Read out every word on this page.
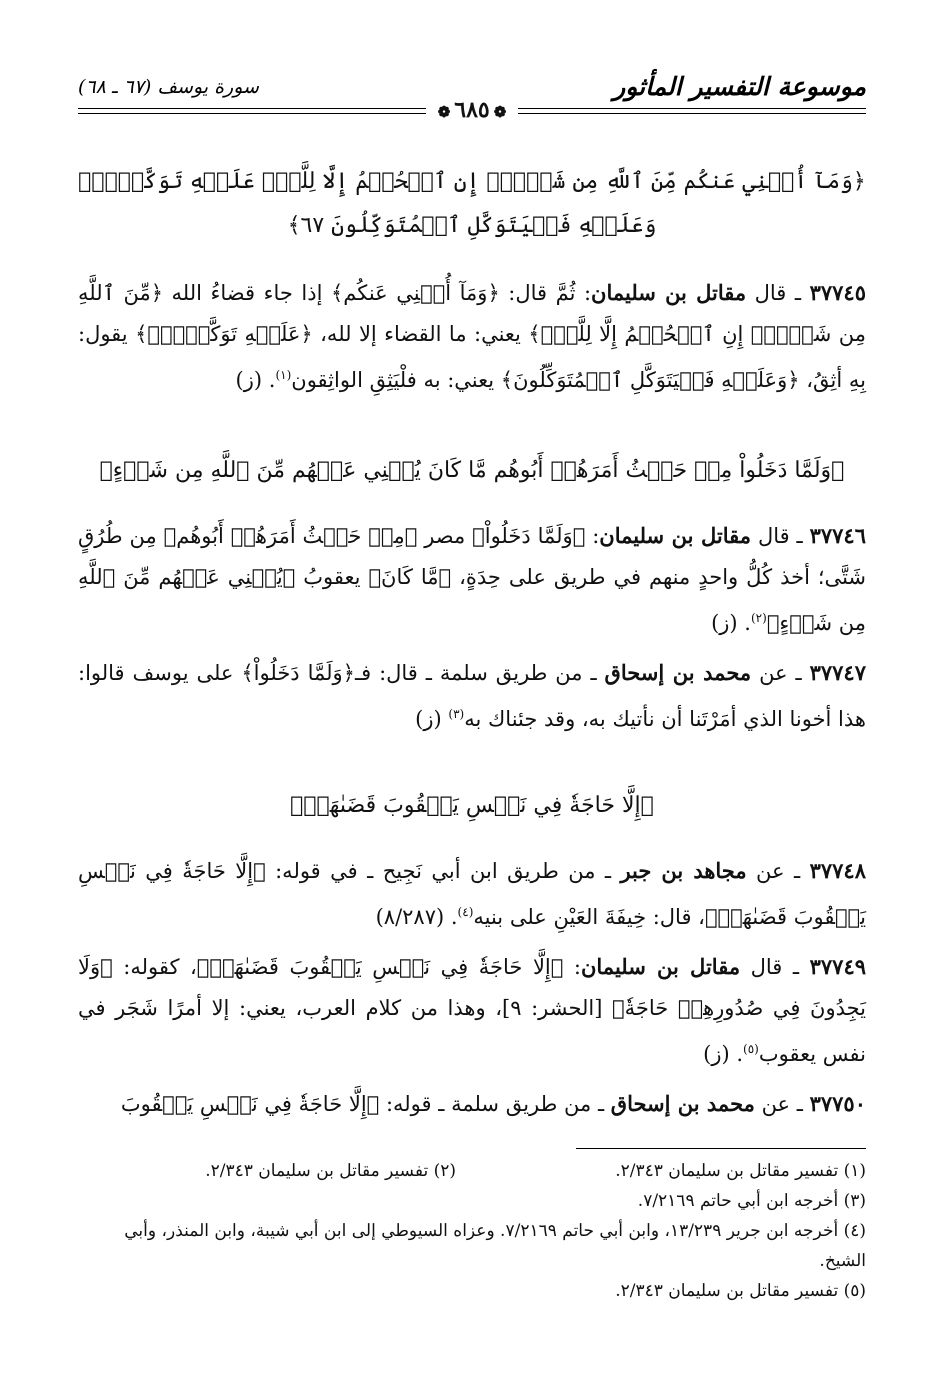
موسوعة التفسير المأثور
سورة يوسف (٦٧ ـ ٦٨)
❁ ٦٨٥ ❁

﴿وَمَآ أُغۡنِي عَنكُم مِّنَ ٱللَّهِ مِن شَيۡءٍۖ إِنِ ٱلۡحُكۡمُ إِلَّا لِلَّهِۖ عَلَيۡهِ تَوَكَّلۡتُۖ وَعَلَيۡهِ فَلۡيَتَوَكَّلِ ٱلۡمُتَوَكِّلُونَ ٦٧﴾

٣٧٧٤٥ ـ قال مقاتل بن سليمان: ثُمَّ قال: ﴿وَمَآ أُغۡنِي عَنكُم﴾ إذا جاء قضاءُ الله ﴿مِّنَ ٱللَّهِ مِن شَيۡءٍۖ إِنِ ٱلۡحُكۡمُ إِلَّا لِلَّهِۖ﴾ يعني: ما القضاء إلا لله، ﴿عَلَيۡهِ تَوَكَّلۡتُۖ﴾ يقول: بِهِ أثِقُ، ﴿وَعَلَيۡهِ فَلۡيَتَوَكَّلِ ٱلۡمُتَوَكِّلُونَ﴾ يعني: به فلْيَثِقِ الواثِقون$^{(١)}$. (ز)

﴿وَلَمَّا دَخَلُواْ مِنۡ حَيۡثُ أَمَرَهُمۡ أَبُوهُم مَّا كَانَ يُغۡنِي عَنۡهُم مِّنَ ٱللَّهِ مِن شَيۡءٍ﴾

٣٧٧٤٦ ـ قال مقاتل بن سليمان: ﴿وَلَمَّا دَخَلُواْ﴾ مصر ﴿مِنۡ حَيۡثُ أَمَرَهُمۡ أَبُوهُم﴾ مِن طُرُقٍ شَتَّى؛ أخذ كُلُّ واحدٍ منهم في طريق على حِدَةٍ، ﴿مَّا كَانَ﴾ يعقوبُ ﴿يُغۡنِي عَنۡهُم مِّنَ ٱللَّهِ مِن شَيۡءٍ﴾$^{(٢)}$. (ز)

٣٧٧٤٧ ـ عن محمد بن إسحاق ـ من طريق سلمة ـ قال: فـ﴿وَلَمَّا دَخَلُواْ﴾ على يوسف قالوا: هذا أخونا الذي أمَرْتَنا أن نأتيك به، وقد جئناك به$^{(٣)}$ (ز)

﴿إِلَّا حَاجَةٗ فِي نَفۡسِ يَعۡقُوبَ قَضَىٰهَاۚ﴾

٣٧٧٤٨ ـ عن مجاهد بن جبر ـ من طريق ابن أبي نَجِيح ـ في قوله: ﴿إِلَّا حَاجَةٗ فِي نَفۡسِ يَعۡقُوبَ قَضَىٰهَاۚ﴾، قال: خِيفَةَ العَيْنِ على بنيه$^{(٤)}$. (٨/٢٨٧)

٣٧٧٤٩ ـ قال مقاتل بن سليمان: ﴿إِلَّا حَاجَةٗ فِي نَفۡسِ يَعۡقُوبَ قَضَىٰهَاۚ﴾، كقوله: ﴿وَلَا يَجِدُونَ فِي صُدُورِهِمۡ حَاجَةٗ﴾ [الحشر: ٩]، وهذا من كلام العرب، يعني: إلا أمرًا شَجَر في نفس يعقوب$^{(٥)}$. (ز)

٣٧٧٥٠ ـ عن محمد بن إسحاق ـ من طريق سلمة ـ قوله: ﴿إِلَّا حَاجَةٗ فِي نَفۡسِ يَعۡقُوبَ

(١) تفسير مقاتل بن سليمان ٢/٣٤٣.
(٢) تفسير مقاتل بن سليمان ٢/٣٤٣.

(٣) أخرجه ابن أبي حاتم ٧/٢١٦٩.

(٤) أخرجه ابن جرير ١٣/٢٣٩، وابن أبي حاتم ٧/٢١٦٩. وعزاه السيوطي إلى ابن أبي شيبة، وابن المنذر، وأبي الشيخ.

(٥) تفسير مقاتل بن سليمان ٢/٣٤٣.
